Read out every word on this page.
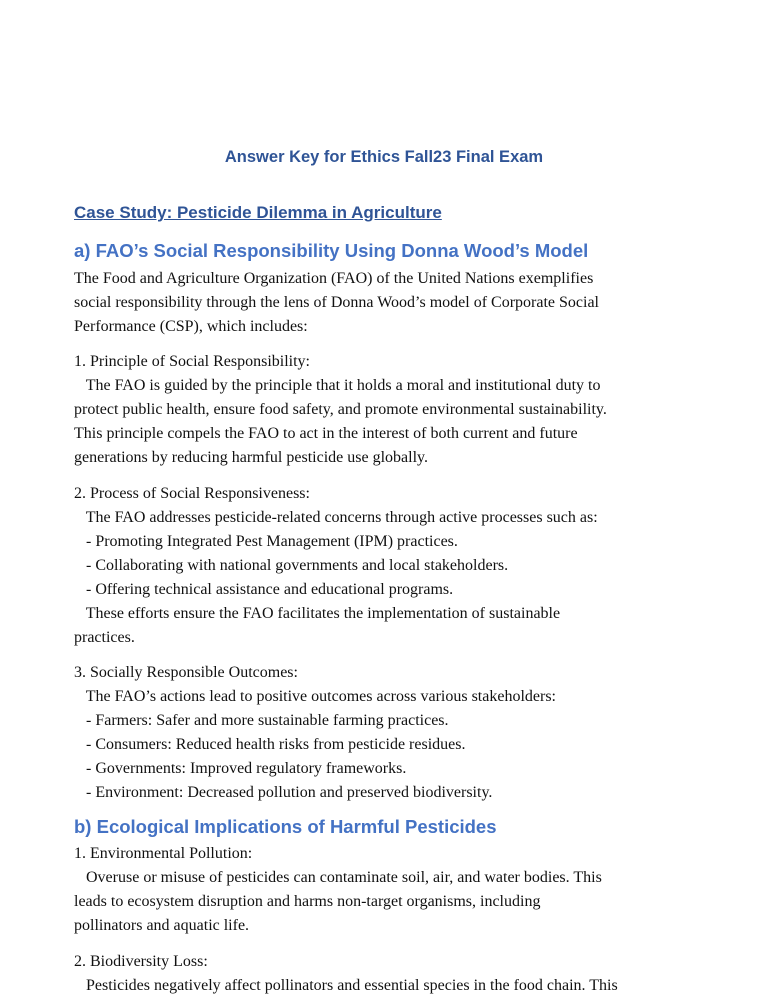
Answer Key for Ethics Fall23 Final Exam
Case Study: Pesticide Dilemma in Agriculture
a) FAO’s Social Responsibility Using Donna Wood’s Model
The Food and Agriculture Organization (FAO) of the United Nations exemplifies
social responsibility through the lens of Donna Wood’s model of Corporate Social
Performance (CSP), which includes:
1. Principle of Social Responsibility:
The FAO is guided by the principle that it holds a moral and institutional duty to
protect public health, ensure food safety, and promote environmental sustainability.
This principle compels the FAO to act in the interest of both current and future
generations by reducing harmful pesticide use globally.
2. Process of Social Responsiveness:
The FAO addresses pesticide-related concerns through active processes such as:
- Promoting Integrated Pest Management (IPM) practices.
- Collaborating with national governments and local stakeholders.
- Offering technical assistance and educational programs.
These efforts ensure the FAO facilitates the implementation of sustainable
practices.
3. Socially Responsible Outcomes:
The FAO’s actions lead to positive outcomes across various stakeholders:
- Farmers: Safer and more sustainable farming practices.
- Consumers: Reduced health risks from pesticide residues.
- Governments: Improved regulatory frameworks.
- Environment: Decreased pollution and preserved biodiversity.
b) Ecological Implications of Harmful Pesticides
1. Environmental Pollution:
Overuse or misuse of pesticides can contaminate soil, air, and water bodies. This
leads to ecosystem disruption and harms non-target organisms, including
pollinators and aquatic life.
2. Biodiversity Loss:
Pesticides negatively affect pollinators and essential species in the food chain. This
